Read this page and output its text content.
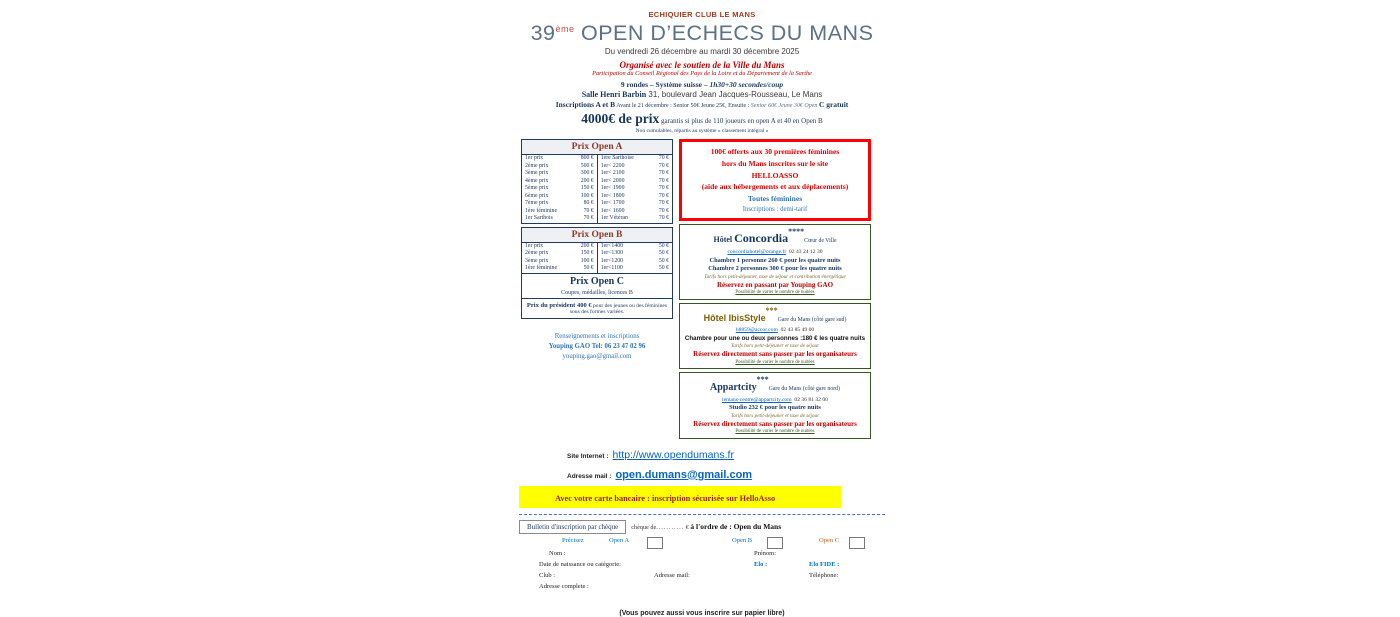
ECHIQUIER CLUB LE MANS
39ème OPEN D’ECHECS DU MANS
Du vendredi 26 décembre au mardi 30 décembre 2025
Organisé avec le soutien de la Ville du Mans
Participation du Conseil Régional des Pays de la Loire et du Département de la Sarthe
9 rondes – Système suisse – 1h30+30 secondes/coup
Salle Henri Barbin 31, boulevard Jean Jacques-Rousseau, Le Mans
Inscriptions A et B Avant le 21 décembre : Senior 50€ Jeune 25€, Ensuite : Senior 60€ Jeune 30€ Open C gratuit
4000€ de prix garantis si plus de 110 joueurs en open A et 40 en Open B
Non cumulables, répartis au système « classement intégral »
Prix Open A
1er prix	800 €	1ère Sarthoise	70 €
2ème prix	500 €	1er< 2200	70 €
3ème prix	300 €	1er< 2100	70 €
4ème prix	200 €	1er< 2000	70 €
5ème prix	150 €	1er< 1900	70 €
6ème prix	100 €	1er< 1800	70 €
7ème prix	80 €	1er< 1700	70 €
1ère féminine	70 €	1er< 1600	70 €
1er Sarthois	70 €	1er Vétéran	70 €
Prix Open B
1er prix	200 €	1er<1400	50 €
2ème prix	150 €	1er<1300	50 €
3ème prix	100 €	1er<1200	50 €
1ère féminine	50 €	1er<1100	50 €
Prix Open C
Coupes, médailles, licences B
Prix du président 400 € pour des jeunes ou des féminines sous des formes variées.
Renseignements et inscriptions
Youping GAO Tel: 06 23 47 02 96
youping.gao@gmail.com
100€ offerts aux 30 premières féminines
hors du Mans inscrites sur le site
HELLOASSO
(aide aux hébergements et aux déplacements)
Toutes féminines
Inscriptions : demi-tarif
Hôtel Concordia****Cœur de Ville
concordiahotel@orange.fr 02 43 24 12 30
Chambre 1 personne 260 € pour les quatre nuits
Chambre 2 personnes 300 € pour les quatre nuits
Tarifs hors petit-déjeuner, taxe de séjour et contribution énergétique
Réservez en passant par Youping GAO
Possibilité de varier le nombre de nuitées
Hôtel IbisStyle***Gare du Mans (côté gare sud)
h8859@accor.com 02 43 85 49 00
Chambre pour une ou deux personnes :180 € les quatre nuits
Tarifs hors petit-déjeuner et taxe de séjour
Réservez directement sans passer par les organisateurs
Possibilité de varier le nombre de nuitées
Appartcity***Gare du Mans (côté gare nord)
lemans-centre@appartcity.com 02 36 81 32 00
Studio 232 € pour les quatre nuits
Tarifs hors petit-déjeuner et taxe de séjour
Réservez directement sans passer par les organisateurs
Possibilité de varier le nombre de nuitées
Site Internet : http://www.opendumans.fr
Adresse mail : open.dumans@gmail.com
Avec votre carte bancaire : inscription sécurisée sur HelloAsso
Bulletin d'inscription par chèque	chèque de........... € à l'ordre de : Open du Mans
Précisez	Open A	Open B	Open C
Nom :	Prénom:
Date de naissance ou catégorie:	Elo :	Elo FIDE :
Club :	Adresse mail:	Téléphone:
Adresse complete :
(Vous pouvez aussi vous inscrire sur papier libre)
